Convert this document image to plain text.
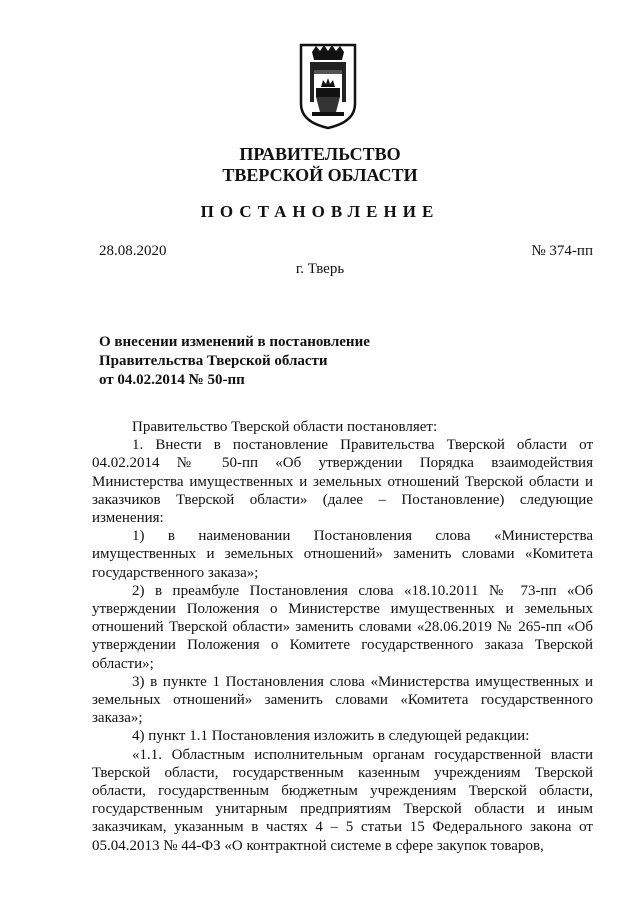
ПРАВИТЕЛЬСТВО
ТВЕРСКОЙ ОБЛАСТИ
ПОСТАНОВЛЕНИЕ
28.08.2020	№ 374-пп
г. Тверь
О внесении изменений в постановление
Правительства Тверской области
от 04.02.2014 № 50-пп

Правительство Тверской области постановляет:

1. Внести в постановление Правительства Тверской области от 04.02.2014 № 50-пп «Об утверждении Порядка взаимодействия Министерства имущественных и земельных отношений Тверской области и заказчиков Тверской области» (далее – Постановление) следующие изменения:

1) в наименовании Постановления слова «Министерства имущественных и земельных отношений» заменить словами «Комитета государственного заказа»;

2) в преамбуле Постановления слова «18.10.2011 № 73-пп «Об утверждении Положения о Министерстве имущественных и земельных отношений Тверской области» заменить словами «28.06.2019 № 265-пп «Об утверждении Положения о Комитете государственного заказа Тверской области»;

3) в пункте 1 Постановления слова «Министерства имущественных и земельных отношений» заменить словами «Комитета государственного заказа»;

4) пункт 1.1 Постановления изложить в следующей редакции:

«1.1. Областным исполнительным органам государственной власти Тверской области, государственным казенным учреждениям Тверской области, государственным бюджетным учреждениям Тверской области, государственным унитарным предприятиям Тверской области и иным заказчикам, указанным в частях 4 – 5 статьи 15 Федерального закона от 05.04.2013 № 44-ФЗ «О контрактной системе в сфере закупок товаров,
